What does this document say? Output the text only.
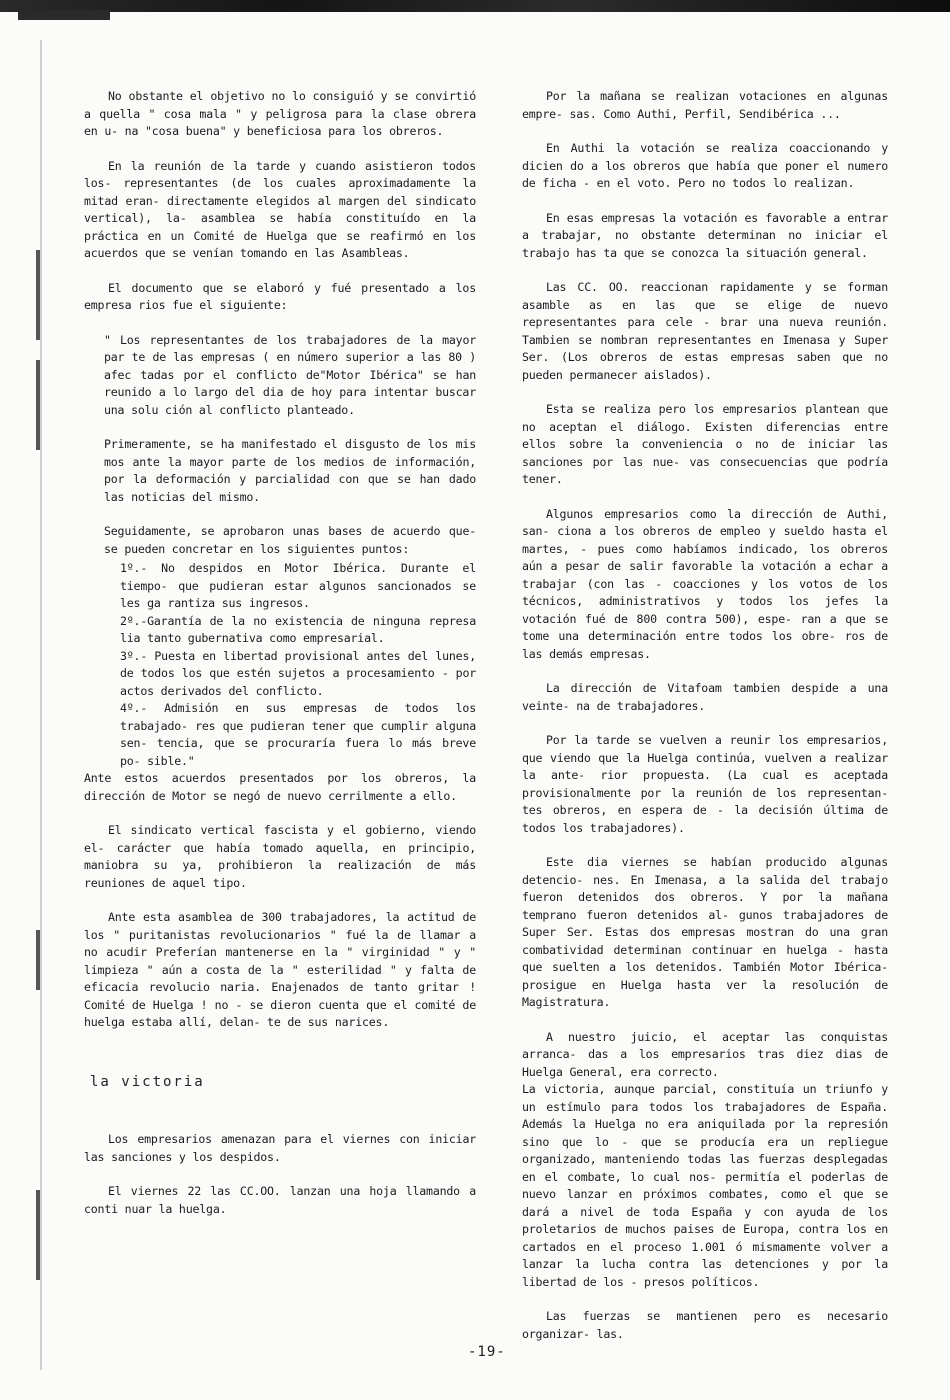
No obstante el objetivo no lo consiguió y se convirtió a quella " cosa mala " y peligrosa para la clase obrera en u- na "cosa buena" y beneficiosa para los obreros.

En la reunión de la tarde y cuando asistieron todos los- representantes (de los cuales aproximadamente la mitad eran- directamente elegidos al margen del sindicato vertical), la- asamblea se había constituído en la práctica en un Comité de Huelga que se reafirmó en los acuerdos que se venían tomando en las Asambleas.

El documento que se elaboró y fué presentado a los empresa rios fue el siguiente:

" Los representantes de los trabajadores de la mayor par te de las empresas ( en número superior a las 80 ) afec tadas por el conflicto de"Motor Ibérica" se han reunido a lo largo del dia de hoy para intentar buscar una solu ción al conflicto planteado.

Primeramente, se ha manifestado el disgusto de los mis mos ante la mayor parte de los medios de información, por la deformación y parcialidad con que se han dado las noticias del mismo.

Seguidamente, se aprobaron unas bases de acuerdo que- se pueden concretar en los siguientes puntos:

1º.- No despidos en Motor Ibérica. Durante el tiempo- que pudieran estar algunos sancionados se les ga rantiza sus ingresos.

2º.-Garantía de la no existencia de ninguna represa lia tanto gubernativa como empresarial.

3º.- Puesta en libertad provisional antes del lunes, de todos los que estén sujetos a procesamiento - por actos derivados del conflicto.

4º.- Admisión en sus empresas de todos los trabajado- res que pudieran tener que cumplir alguna sen- tencia, que se procuraría fuera lo más breve po- sible."

Ante estos acuerdos presentados por los obreros, la dirección de Motor se negó de nuevo cerrilmente a ello.

El sindicato vertical fascista y el gobierno, viendo el- carácter que había tomado aquella, en principio, maniobra su ya, prohibieron la realización de más reuniones de aquel tipo.

Ante esta asamblea de 300 trabajadores, la actitud de los " puritanistas revolucionarios " fué la de llamar a no acudir Preferían mantenerse en la " virginidad " y " limpieza " aún a costa de la " esterilidad " y falta de eficacia revolucio naria. Enajenados de tanto gritar ! Comité de Huelga ! no - se dieron cuenta que el comité de huelga estaba allí, delan- te de sus narices.

la victoria

Los empresarios amenazan para el viernes con iniciar las sanciones y los despidos.

El viernes 22 las CC.OO. lanzan una hoja llamando a conti nuar la huelga.

Por la mañana se realizan votaciones en algunas empre- sas. Como Authi, Perfil, Sendibérica ...

En Authi la votación se realiza coaccionando y dicien do a los obreros que había que poner el numero de ficha - en el voto. Pero no todos lo realizan.

En esas empresas la votación es favorable a entrar a trabajar, no obstante determinan no iniciar el trabajo has ta que se conozca la situación general.

Las CC. OO. reaccionan rapidamente y se forman asamble as en las que se elige de nuevo representantes para cele - brar una nueva reunión. Tambien se nombran representantes en Imenasa y Super Ser. (Los obreros de estas empresas saben que no pueden permanecer aislados).

Esta se realiza pero los empresarios plantean que no aceptan el diálogo. Existen diferencias entre ellos sobre la conveniencia o no de iniciar las sanciones por las nue- vas consecuencias que podría tener.

Algunos empresarios como la dirección de Authi, san- ciona a los obreros de empleo y sueldo hasta el martes, - pues como habíamos indicado, los obreros aún a pesar de salir favorable la votación a echar a trabajar (con las - coacciones y los votos de los técnicos, administrativos y todos los jefes la votación fué de 800 contra 500), espe- ran a que se tome una determinación entre todos los obre- ros de las demás empresas.

La dirección de Vitafoam tambien despide a una veinte- na de trabajadores.

Por la tarde se vuelven a reunir los empresarios, que viendo que la Huelga continúa, vuelven a realizar la ante- rior propuesta. (La cual es aceptada provisionalmente por la reunión de los representan-tes obreros, en espera de - la decisión última de todos los trabajadores).

Este dia viernes se habían producido algunas detencio- nes. En Imenasa, a la salida del trabajo fueron detenidos dos obreros. Y por la mañana temprano fueron detenidos al- gunos trabajadores de Super Ser. Estas dos empresas mostran do una gran combatividad determinan continuar en huelga - hasta que suelten a los detenidos. También Motor Ibérica- prosigue en Huelga hasta ver la resolución de Magistratura.

A nuestro juicio, el aceptar las conquistas arranca- das a los empresarios tras diez dias de Huelga General, era correcto.
La victoria, aunque parcial, constituía un triunfo y un estímulo para todos los trabajadores de España. Además la Huelga no era aniquilada por la represión sino que lo - que se producía era un repliegue organizado, manteniendo todas las fuerzas desplegadas en el combate, lo cual nos- permitía el poderlas de nuevo lanzar en próximos combates, como el que se dará a nivel de toda España y con ayuda de los proletarios de muchos paises de Europa, contra los en cartados en el proceso 1.001 ó mismamente volver a lanzar la lucha contra las detenciones y por la libertad de los - presos políticos.

Las fuerzas se mantienen pero es necesario organizar- las.

-19-
